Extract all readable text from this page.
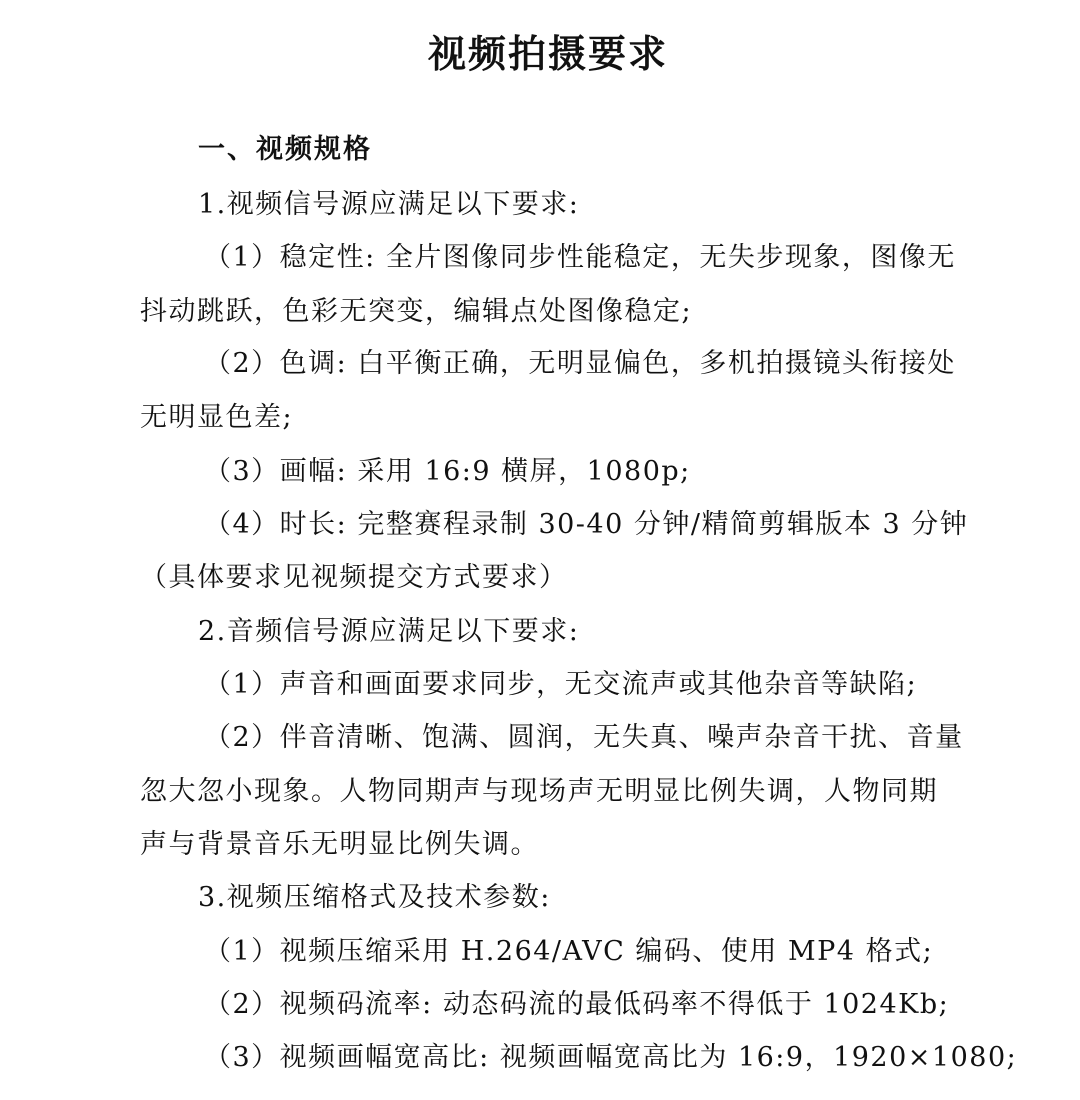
视频拍摄要求
一、视频规格
1.视频信号源应满足以下要求:
（1）稳定性: 全片图像同步性能稳定，无失步现象，图像无
抖动跳跃，色彩无突变，编辑点处图像稳定;
（2）色调: 白平衡正确，无明显偏色，多机拍摄镜头衔接处
无明显色差;
（3）画幅: 采用 16:9 横屏，1080p;
（4）时长: 完整赛程录制 30-40 分钟/精简剪辑版本 3 分钟
（具体要求见视频提交方式要求）
2.音频信号源应满足以下要求:
（1）声音和画面要求同步，无交流声或其他杂音等缺陷;
（2）伴音清晰、饱满、圆润，无失真、噪声杂音干扰、音量
忽大忽小现象。人物同期声与现场声无明显比例失调，人物同期
声与背景音乐无明显比例失调。
3.视频压缩格式及技术参数:
（1）视频压缩采用 H.264/AVC 编码、使用 MP4 格式;
（2）视频码流率: 动态码流的最低码率不得低于 1024Kb;
（3）视频画幅宽高比: 视频画幅宽高比为 16:9，1920×1080;
